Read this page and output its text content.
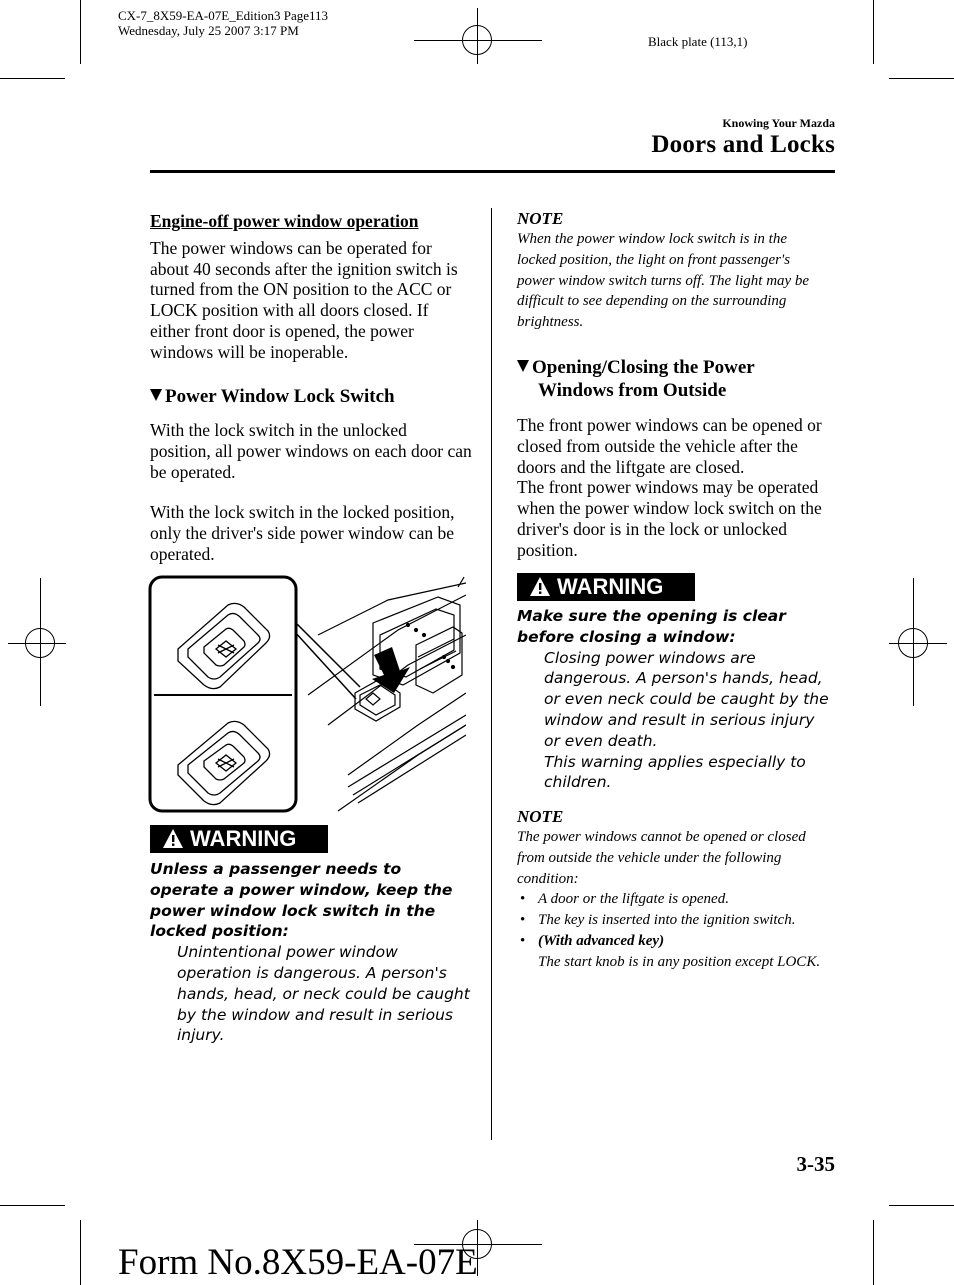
CX-7_8X59-EA-07E_Edition3 Page113
Wednesday, July 25 2007 3:17 PM
Black plate (113,1)
Knowing Your Mazda
Doors and Locks

Engine-off power window operation

The power windows can be operated for about 40 seconds after the ignition switch is turned from the ON position to the ACC or LOCK position with all doors closed. If either front door is opened, the power windows will be inoperable.

Power Window Lock Switch

With the lock switch in the unlocked position, all power windows on each door can be operated.

With the lock switch in the locked position, only the driver's side power window can be operated.

WARNING
Unless a passenger needs to operate a power window, keep the power window lock switch in the locked position:
Unintentional power window operation is dangerous. A person's hands, head, or neck could be caught by the window and result in serious injury.
NOTE
When the power window lock switch is in the locked position, the light on front passenger's power window switch turns off. The light may be difficult to see depending on the surrounding brightness.
Opening/Closing the Power
Windows from Outside

The front power windows can be opened or closed from outside the vehicle after the doors and the liftgate are closed.

The front power windows may be operated when the power window lock switch on the driver's door is in the lock or unlocked position.

WARNING
Make sure the opening is clear before closing a window:
Closing power windows are dangerous. A person's hands, head, or even neck could be caught by the window and result in serious injury or even death.
This warning applies especially to children.
NOTE
The power windows cannot be opened or closed from outside the vehicle under the following condition:
• A door or the liftgate is opened.
• The key is inserted into the ignition switch.
• (With advanced key)
The start knob is in any position except LOCK.
3-35
Form No.8X59-EA-07E
